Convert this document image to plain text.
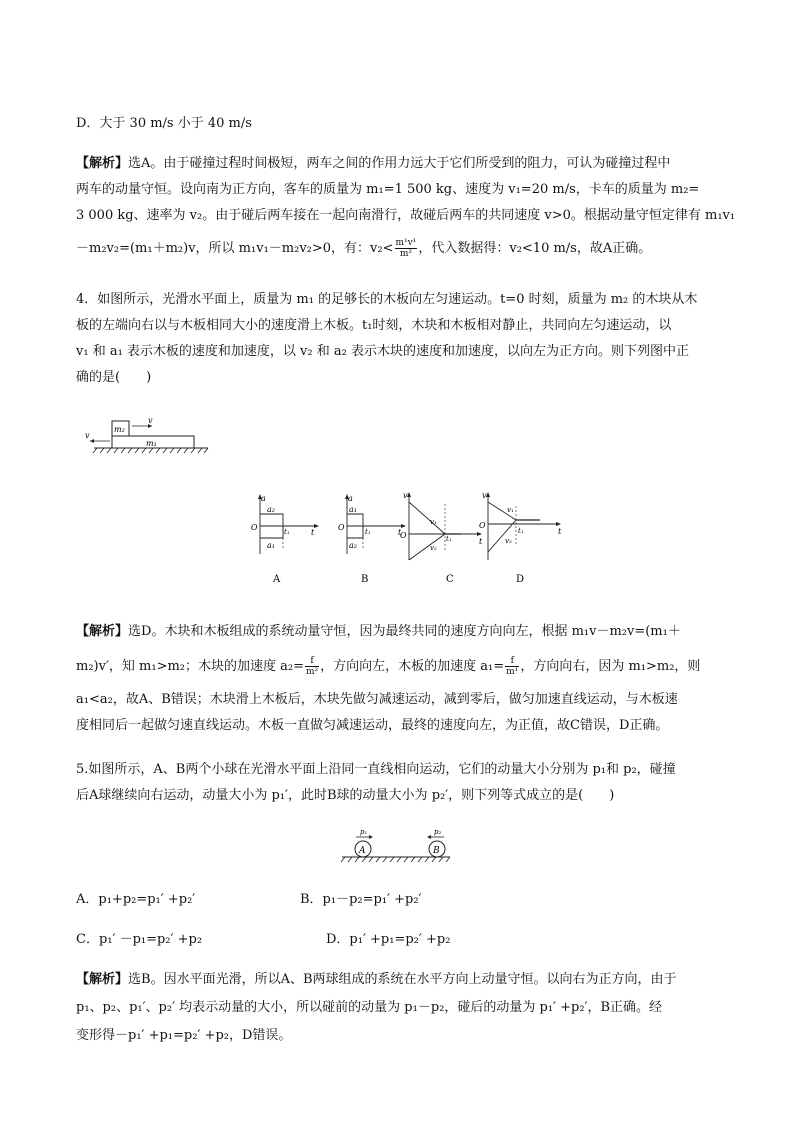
D．大于 30 m/s 小于 40 m/s
【解析】选A。由于碰撞过程时间极短，两车之间的作用力远大于它们所受到的阻力，可认为碰撞过程中
两车的动量守恒。设向南为正方向，客车的质量为 m₁=1 500 kg、速度为 v₁=20 m/s，卡车的质量为 m₂=
3 000 kg、速率为 v₂。由于碰后两车接在一起向南滑行，故碰后两车的共同速度 v>0。根据动量守恒定律有 m₁v₁
－m₂v₂=(m₁＋m₂)v，所以 m₁v₁－m₂v₂>0，有：$v_2< \frac{\text{m¹v¹}}{\text{m²}}$ ，代入数据得：v₂<10 m/s，故A正确。
4．如图所示，光滑水平面上，质量为 m₁ 的足够长的木板向左匀速运动。t=0 时刻，质量为 m₂ 的木块从木
板的左端向右以与木板相同大小的速度滑上木板。t₁时刻，木块和木板相对静止，共同向左匀速运动，以
v₁ 和 a₁ 表示木板的速度和加速度，以 v₂ 和 a₂ 表示木块的速度和加速度，以向左为正方向。则下列图中正
确的是(　　)
m₁
m₂
v
v
a
O
t
a₂
a₁
t₁
A
a
O
t
a₁
a₂
t₁
B
v
O
t
v₁
v₂
t₁
C
v
O
t
v₁
v₂
t₁
D
【解析】选D。木块和木板组成的系统动量守恒，因为最终共同的速度方向向左，根据 m₁v－m₂v=(m₁＋
m₂)v′，知 m₁>m₂；木块的加速度 $a_2= \frac{f}{\text{m²}}$ ，方向向左，木板的加速度 $a_1= \frac{f}{\text{m¹}}$ ，方向向右，因为 m₁>m₂，则
a₁<a₂，故A、B错误；木块滑上木板后，木块先做匀减速运动，减到零后，做匀加速直线运动，与木板速
度相同后一起做匀速直线运动。木板一直做匀减速运动，最终的速度向左，为正值，故C错误，D正确。
5.如图所示，A、B两个小球在光滑水平面上沿同一直线相向运动，它们的动量大小分别为 p₁和 p₂，碰撞
后A球继续向右运动，动量大小为 p₁′，此时B球的动量大小为 p₂′，则下列等式成立的是(　　)
A	B
p₁	p₂
A．p₁+p₂=p₁′ +p₂′	B．p₁－p₂=p₁′ +p₂′
C．p₁′ －p₁=p₂′ +p₂	D．p₁′ +p₁=p₂′ +p₂
【解析】选B。因水平面光滑，所以A、B两球组成的系统在水平方向上动量守恒。以向右为正方向，由于
p₁、p₂、p₁′、p₂′ 均表示动量的大小，所以碰前的动量为 p₁－p₂，碰后的动量为 p₁′ +p₂′，B正确。经
变形得－p₁′ +p₁=p₂′ +p₂，D错误。
